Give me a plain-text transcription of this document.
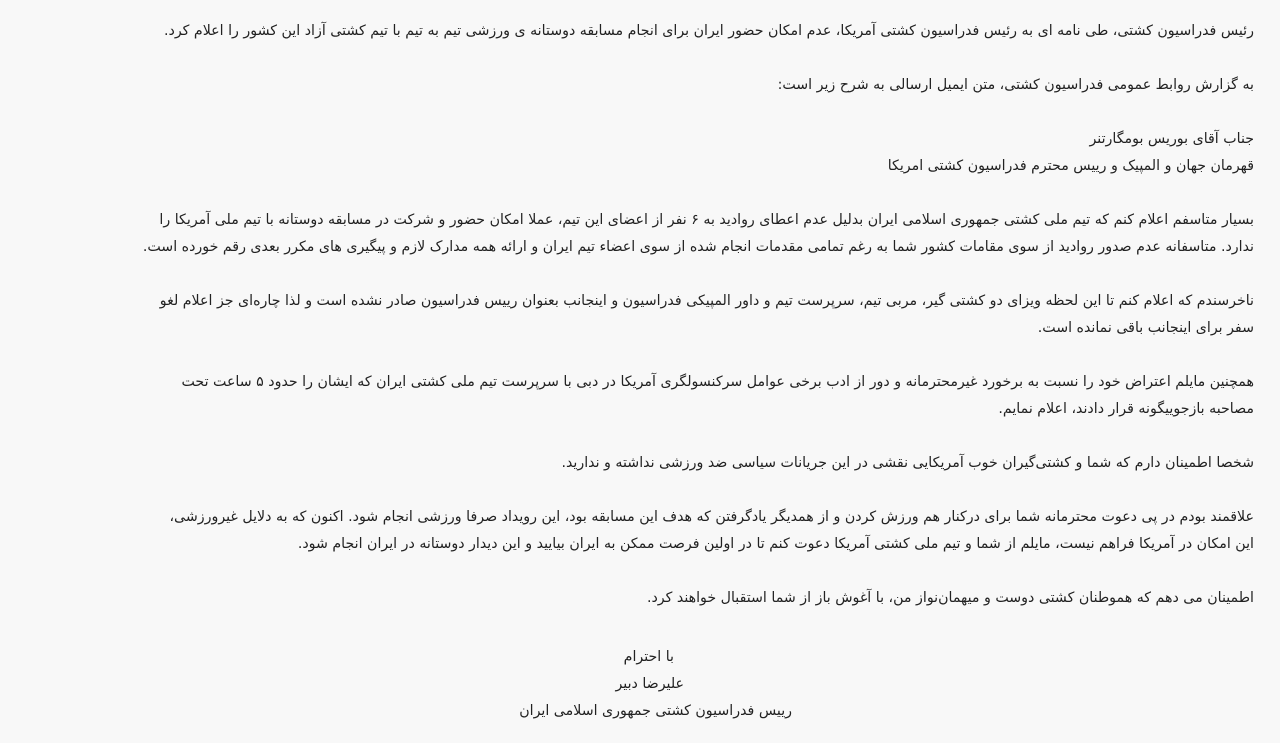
رئیس فدراسیون کشتی، طی نامه ای به رئیس فدراسیون کشتی آمریکا، عدم امکان حضور ایران برای انجام مسابقه دوستانه ی ورزشی تیم به تیم با تیم کشتی آزاد این کشور را اعلام کرد.
به گزارش روابط عمومی فدراسیون کشتی، متن ایمیل ارسالی به شرح زیر است:
جناب آقای بوریس بومگارتنر
قهرمان جهان و المپیک و رییس محترم فدراسیون کشتی امریکا
بسیار متاسفم اعلام کنم که تیم ملی کشتی جمهوری اسلامی ایران بدلیل عدم اعطای روادید به ۶ نفر از اعضای این تیم، عملا امکان حضور و شرکت در مسابقه دوستانه با تیم ملی آمریکا را
ندارد. متاسفانه عدم صدور روادید از سوی مقامات کشور شما به رغم تمامی مقدمات انجام شده از سوی اعضاء تیم ایران و ارائه همه مدارک لازم و پیگیری های مکرر بعدی رقم خورده است.
ناخرسندم که اعلام کنم تا این لحظه ویزای دو کشتی گیر، مربی تیم، سرپرست تیم و داور المپیکی فدراسیون و اینجانب بعنوان رییس فدراسیون صادر نشده است و لذا چاره‌ای جز اعلام لغو
سفر برای اینجانب باقی نمانده است.
همچنین مایلم اعتراض خود را نسبت به برخورد غیرمحترمانه و دور از ادب برخی عوامل سرکنسولگری آمریکا در دبی با سرپرست تیم ملی کشتی ایران که ایشان را حدود ۵ ساعت تحت
مصاحبه بازجوییگونه قرار دادند، اعلام نمایم.
شخصا اطمینان دارم که شما و کشتی‌گیران خوب آمریکایی نقشی در این جریانات سیاسی ضد ورزشی نداشته و ندارید.
علاقمند بودم در پی دعوت محترمانه شما برای درکنار هم ورزش کردن و از همدیگر یادگرفتن که هدف این مسابقه بود، این رویداد صرفا ورزشی انجام شود. اکنون که به دلایل غیرورزشی،
این امکان در آمریکا فراهم نیست، مایلم از شما و تیم ملی کشتی آمریکا دعوت کنم تا در اولین فرصت ممکن به ایران بیایید و این دیدار دوستانه در ایران انجام شود.
اطمینان می دهم که هموطنان کشتی دوست و میهمان‌نواز من، با آغوش باز از شما استقبال خواهند کرد.
با احترام
علیرضا دبیر
رییس فدراسیون کشتی جمهوری اسلامی ایران
